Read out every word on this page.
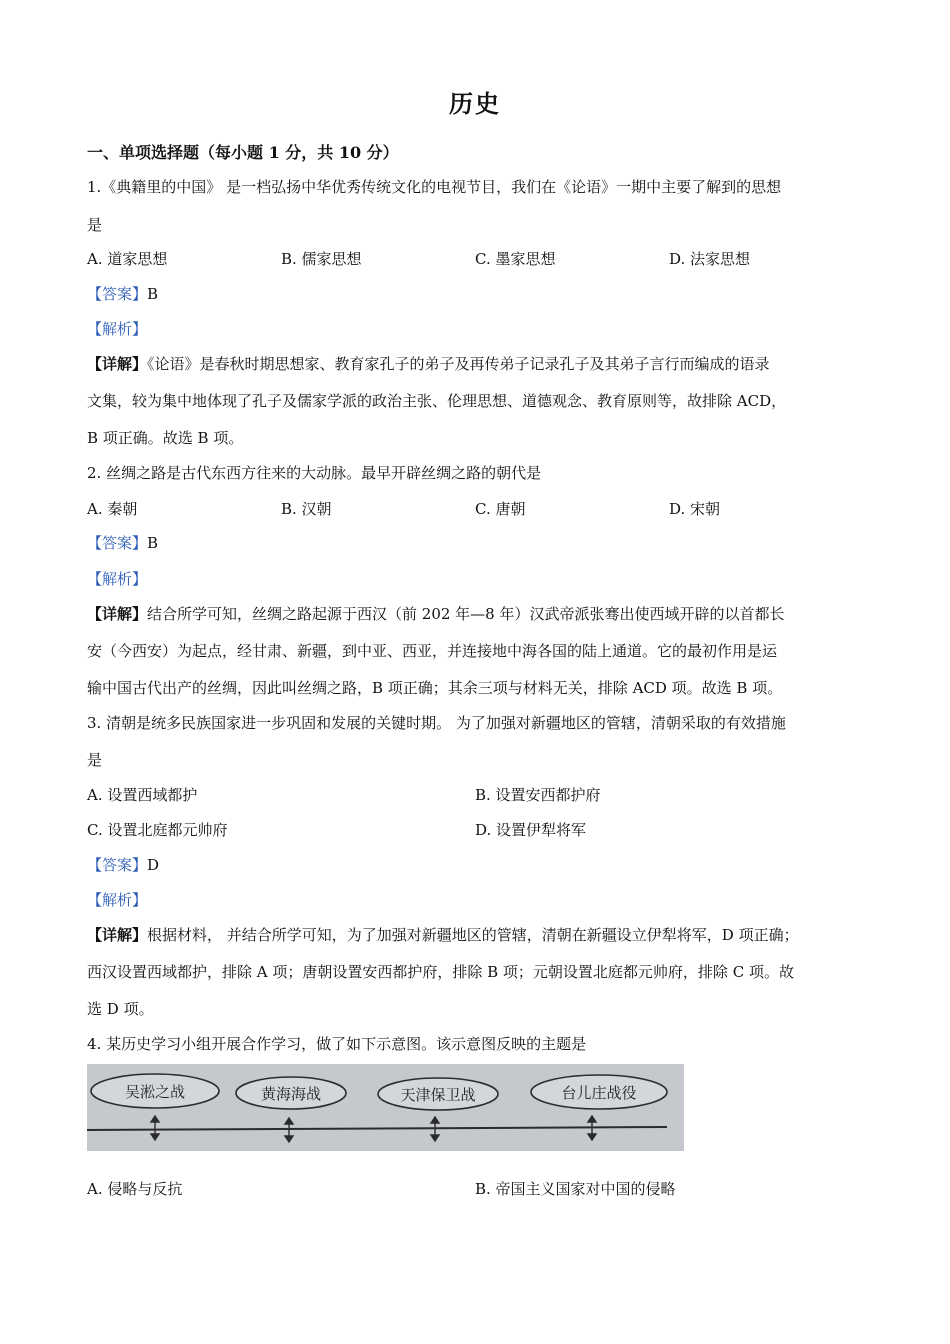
历史
一、单项选择题（每小题 1 分，共 10 分）
1.《典籍里的中国》 是一档弘扬中华优秀传统文化的电视节目，我们在《论语》一期中主要了解到的思想
是
A. 道家思想	B. 儒家思想	C. 墨家思想	D. 法家思想
【答案】B
【解析】
【详解】《论语》是春秋时期思想家、教育家孔子的弟子及再传弟子记录孔子及其弟子言行而编成的语录
文集，较为集中地体现了孔子及儒家学派的政治主张、伦理思想、道德观念、教育原则等，故排除 ACD，
B 项正确。故选 B 项。
2. 丝绸之路是古代东西方往来的大动脉。最早开辟丝绸之路的朝代是
A. 秦朝	B. 汉朝	C. 唐朝	D. 宋朝
【答案】B
【解析】
【详解】结合所学可知，丝绸之路起源于西汉（前 202 年—8 年）汉武帝派张骞出使西域开辟的以首都长
安（今西安）为起点，经甘肃、新疆，到中亚、西亚，并连接地中海各国的陆上通道。它的最初作用是运
输中国古代出产的丝绸，因此叫丝绸之路，B 项正确；其余三项与材料无关，排除 ACD 项。故选 B 项。
3. 清朝是统多民族国家进一步巩固和发展的关键时期。 为了加强对新疆地区的管辖，清朝采取的有效措施
是
A. 设置西域都护	B. 设置安西都护府
C. 设置北庭都元帅府	D. 设置伊犁将军
【答案】D
【解析】
【详解】根据材料， 并结合所学可知，为了加强对新疆地区的管辖，清朝在新疆设立伊犁将军，D 项正确；
西汉设置西域都护，排除 A 项；唐朝设置安西都护府，排除 B 项；元朝设置北庭都元帅府，排除 C 项。故
选 D 项。
4. 某历史学习小组开展合作学习，做了如下示意图。该示意图反映的主题是
吴淞之战	黄海海战	天津保卫战	台儿庄战役
A. 侵略与反抗	B. 帝国主义国家对中国的侵略
